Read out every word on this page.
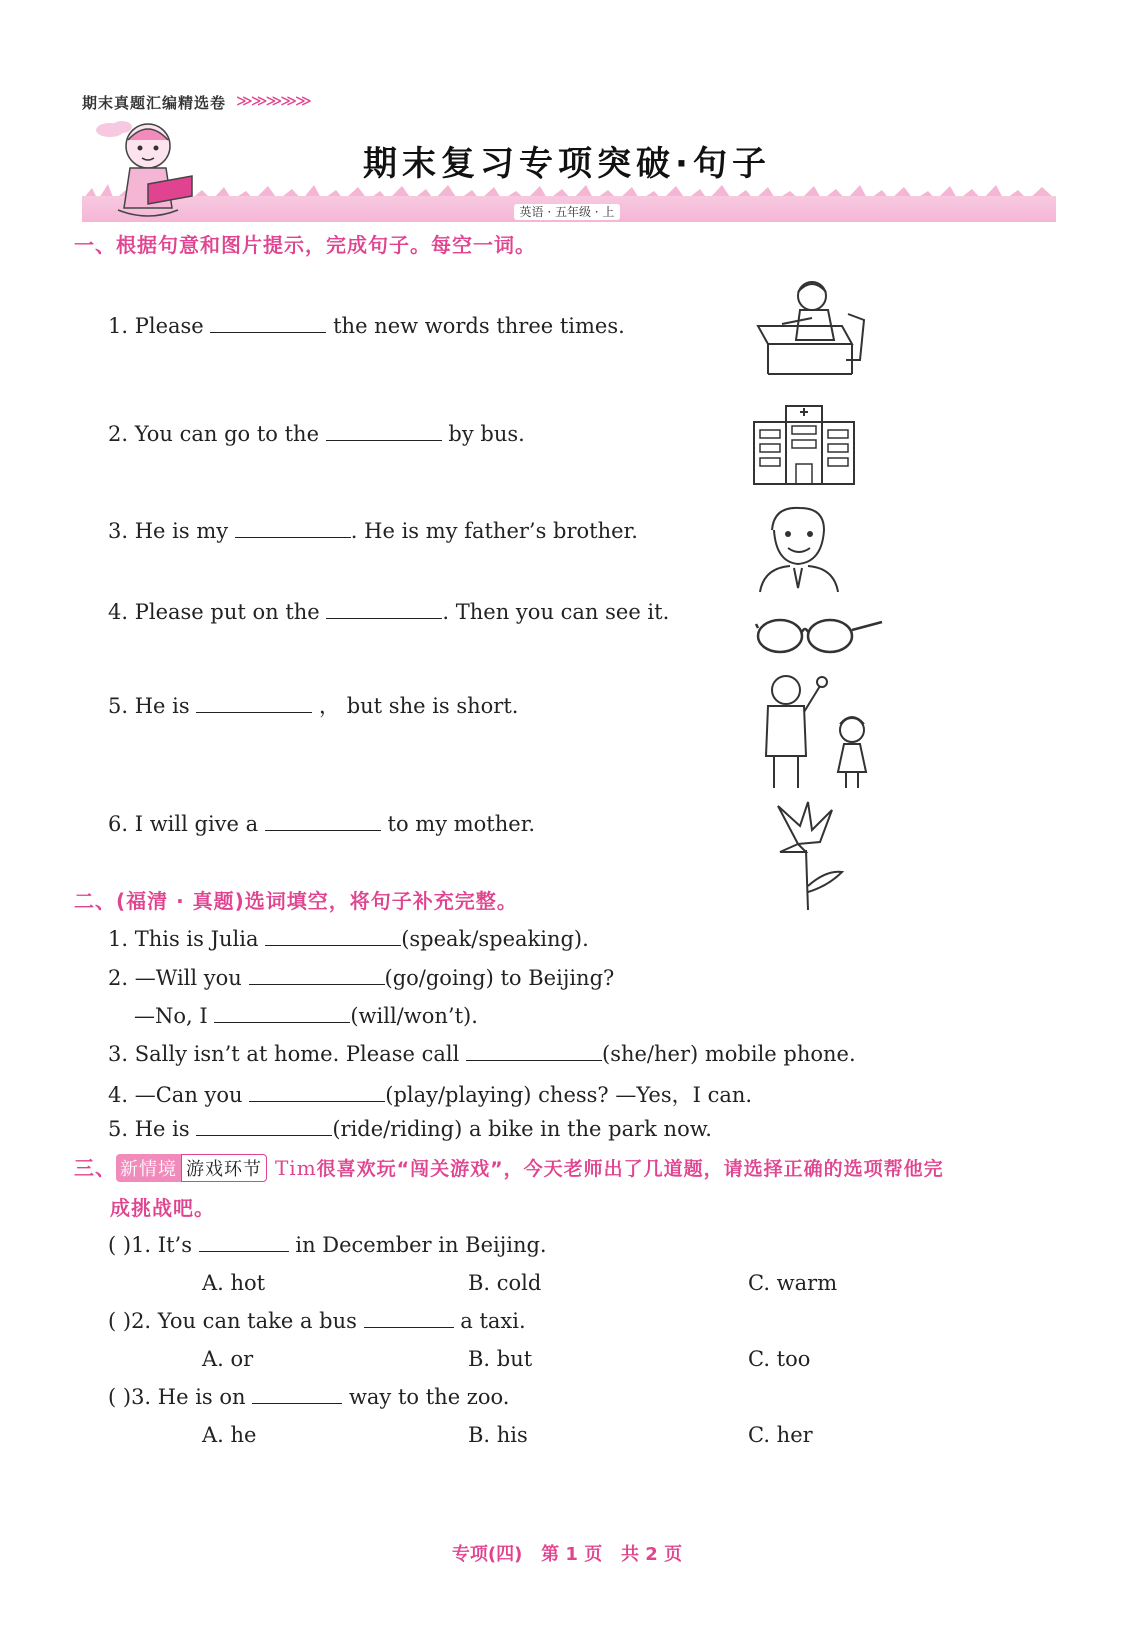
期末真题汇编精选卷 ≫≫≫≫≫
期末复习专项突破·句子
英语 · 五年级 · 上
一、根据句意和图片提示，完成句子。每空一词。
1. Please	the new words three times.
2. You can go to the	by bus.
3. He is my	. He is my father’s brother.
4. Please put on the	. Then you can see it.
5. He is	， but she is short.
6. I will give a	to my mother.
二、(福清 · 真题)选词填空，将句子补充完整。
1. This is Julia	(speak/speaking).
2. —Will you	(go/going) to Beijing?
—No, I	(will/won’t).
3. Sally isn’t at home. Please call	(she/her) mobile phone.
4. —Can you	(play/playing) chess? —Yes，I can.
5. He is	(ride/riding) a bike in the park now.
三、 新情境 游戏环节 Tim很喜欢玩“闯关游戏”，今天老师出了几道题，请选择正确的选项帮他完
成挑战吧。
( )1. It’s	in December in Beijing.
A. hot	B. cold	C. warm
( )2. You can take a bus	a taxi.
A. or	B. but	C. too
( )3. He is on	way to the zoo.
A. he	B. his	C. her
专项(四)   第 1 页   共 2 页
